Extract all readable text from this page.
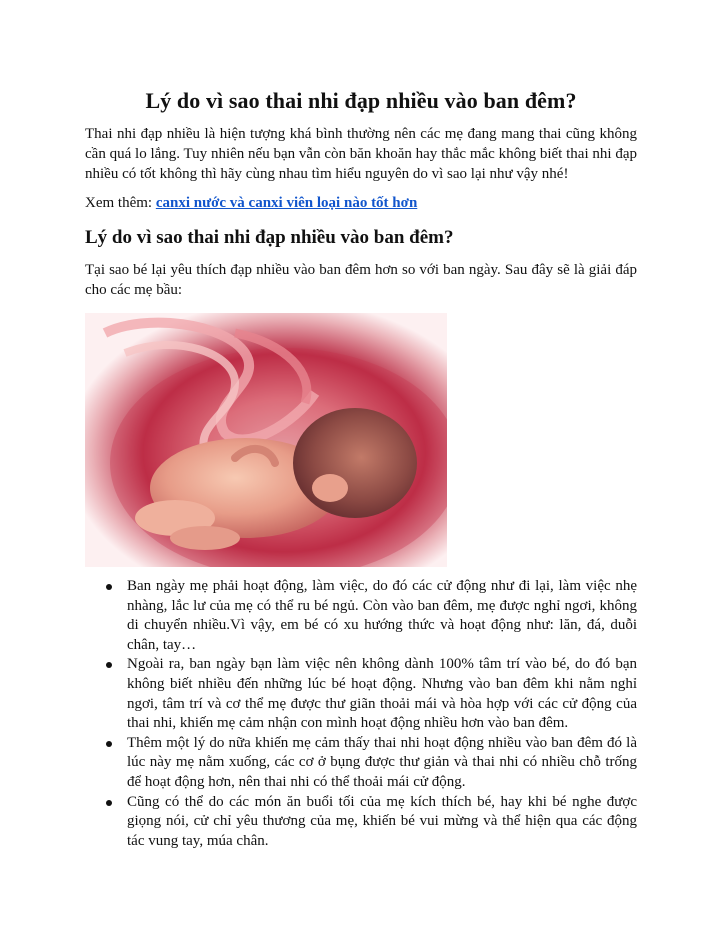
Lý do vì sao thai nhi đạp nhiều vào ban đêm?

Thai nhi đạp nhiều là hiện tượng khá bình thường nên các mẹ đang mang thai cũng không cần quá lo lắng. Tuy nhiên nếu bạn vẫn còn băn khoăn hay thắc mắc không biết thai nhi đạp nhiều có tốt không thì hãy cùng nhau tìm hiểu nguyên do vì sao lại như vậy nhé!

Xem thêm: canxi nước và canxi viên loại nào tốt hơn

Lý do vì sao thai nhi đạp nhiều vào ban đêm?

Tại sao bé lại yêu thích đạp nhiều vào ban đêm hơn so với ban ngày. Sau đây sẽ là giải đáp cho các mẹ bầu:

Ban ngày mẹ phải hoạt động, làm việc, do đó các cử động như đi lại, làm việc nhẹ nhàng, lắc lư của mẹ có thể ru bé ngủ. Còn vào ban đêm, mẹ được nghỉ ngơi, không di chuyển nhiều.Vì vậy, em bé có xu hướng thức và hoạt động như: lăn, đá, duỗi chân, tay…
Ngoài ra, ban ngày bạn làm việc nên không dành 100% tâm trí vào bé, do đó bạn không biết nhiều đến những lúc bé hoạt động. Nhưng vào ban đêm khi nằm nghỉ ngơi, tâm trí và cơ thể mẹ được thư giãn thoải mái và hòa hợp với các cử động của thai nhi, khiến mẹ cảm nhận con mình hoạt động nhiều hơn vào ban đêm.
Thêm một lý do nữa khiến mẹ cảm thấy thai nhi hoạt động nhiều vào ban đêm đó là lúc này mẹ nằm xuống, các cơ ở bụng được thư giản và thai nhi có nhiều chỗ trống để hoạt động hơn, nên thai nhi có thể thoải mái cử động.
Cũng có thể do các món ăn buổi tối của mẹ kích thích bé, hay khi bé nghe được giọng nói, cử chỉ yêu thương của mẹ, khiến bé vui mừng và thể hiện qua các động tác vung tay, múa chân.
